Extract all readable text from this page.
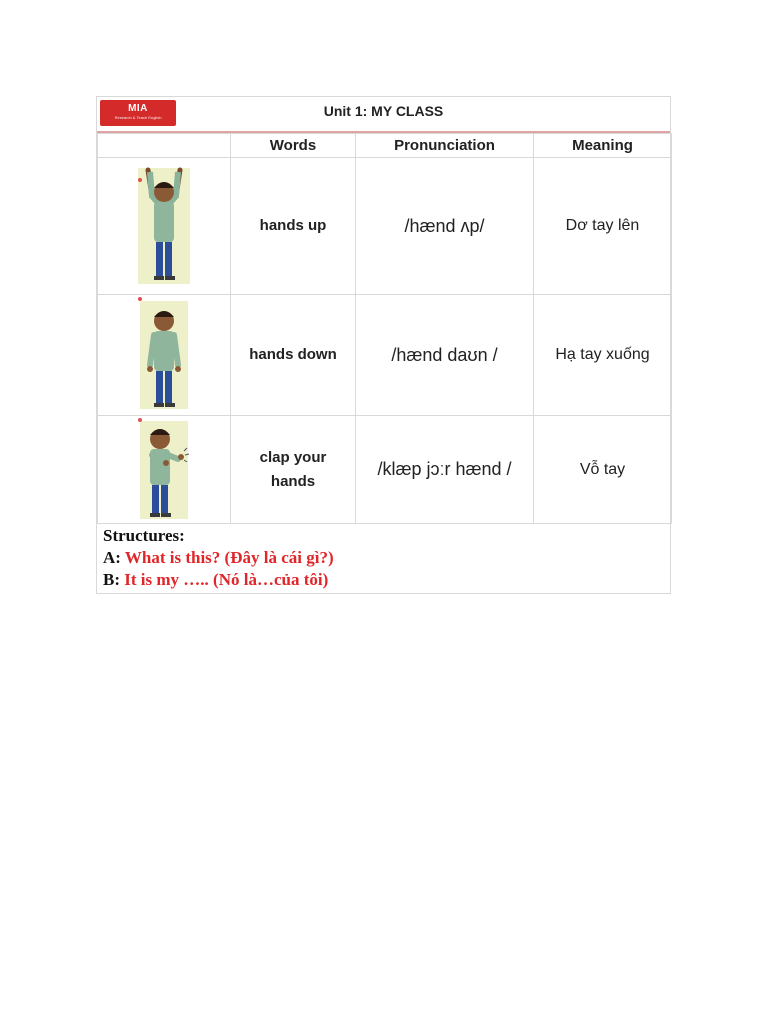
MIA
Research & Teach English	Unit 1: MY CLASS
	Words	Pronunciation	Meaning

	hands up	/hænd ʌp/	Dơ tay lên

	hands down	/hænd daʊn /	Hạ tay xuống

	clap your hands	/klæp jɔːr hænd /	Vỗ tay
Structures:
A: What is this? (Đây là cái gì?)
B: It is my ….. (Nó là…của tôi)
